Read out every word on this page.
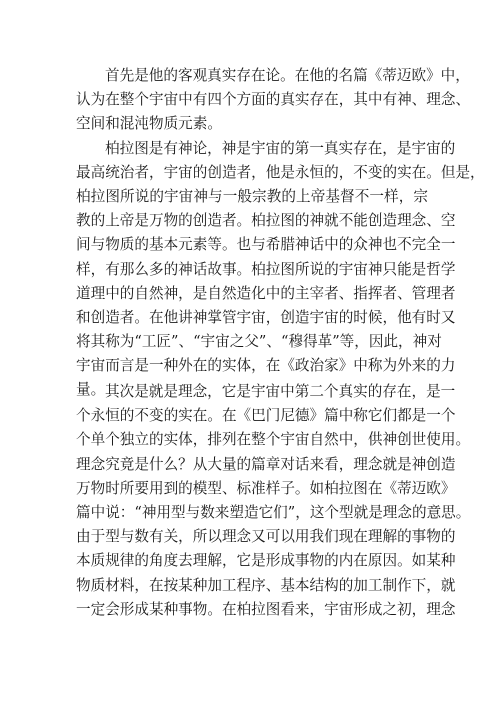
首先是他的客观真实存在论。在他的名篇《蒂迈欧》中，
认为在整个宇宙中有四个方面的真实存在，其中有神、理念、
空间和混沌物质元素。
柏拉图是有神论，神是宇宙的第一真实存在，是宇宙的
最高统治者，宇宙的创造者，他是永恒的，不变的实在。但是，
柏拉图所说的宇宙神与一般宗教的上帝基督不一样，宗
教的上帝是万物的创造者。柏拉图的神就不能创造理念、空
间与物质的基本元素等。也与希腊神话中的众神也不完全一
样，有那么多的神话故事。柏拉图所说的宇宙神只能是哲学
道理中的自然神，是自然造化中的主宰者、指挥者、管理者
和创造者。在他讲神掌管宇宙，创造宇宙的时候，他有时又
将其称为“工匠”、“宇宙之父”、“穆得革”等，因此，神对
宇宙而言是一种外在的实体，在《政治家》中称为外来的力
量。 其次是就是理念，它是宇宙中第二个真实的存在，是一
个永恒的不变的实在。在《巴门尼德》篇中称它们都是一个
个单个独立的实体，排列在整个宇宙自然中，供神创世使用。
理念究竟是什么？从大量的篇章对话来看，理念就是神创造
万物时所要用到的模型、标准样子。如柏拉图在《蒂迈欧》
篇中说：“神用型与数来塑造它们”，这个型就是理念的意思。
由于型与数有关，所以理念又可以用我们现在理解的事物的
本质规律的角度去理解，它是形成事物的内在原因。如某种
物质材料，在按某种加工程序、基本结构的加工制作下，就
一定会形成某种事物。在柏拉图看来，宇宙形成之初，理念
